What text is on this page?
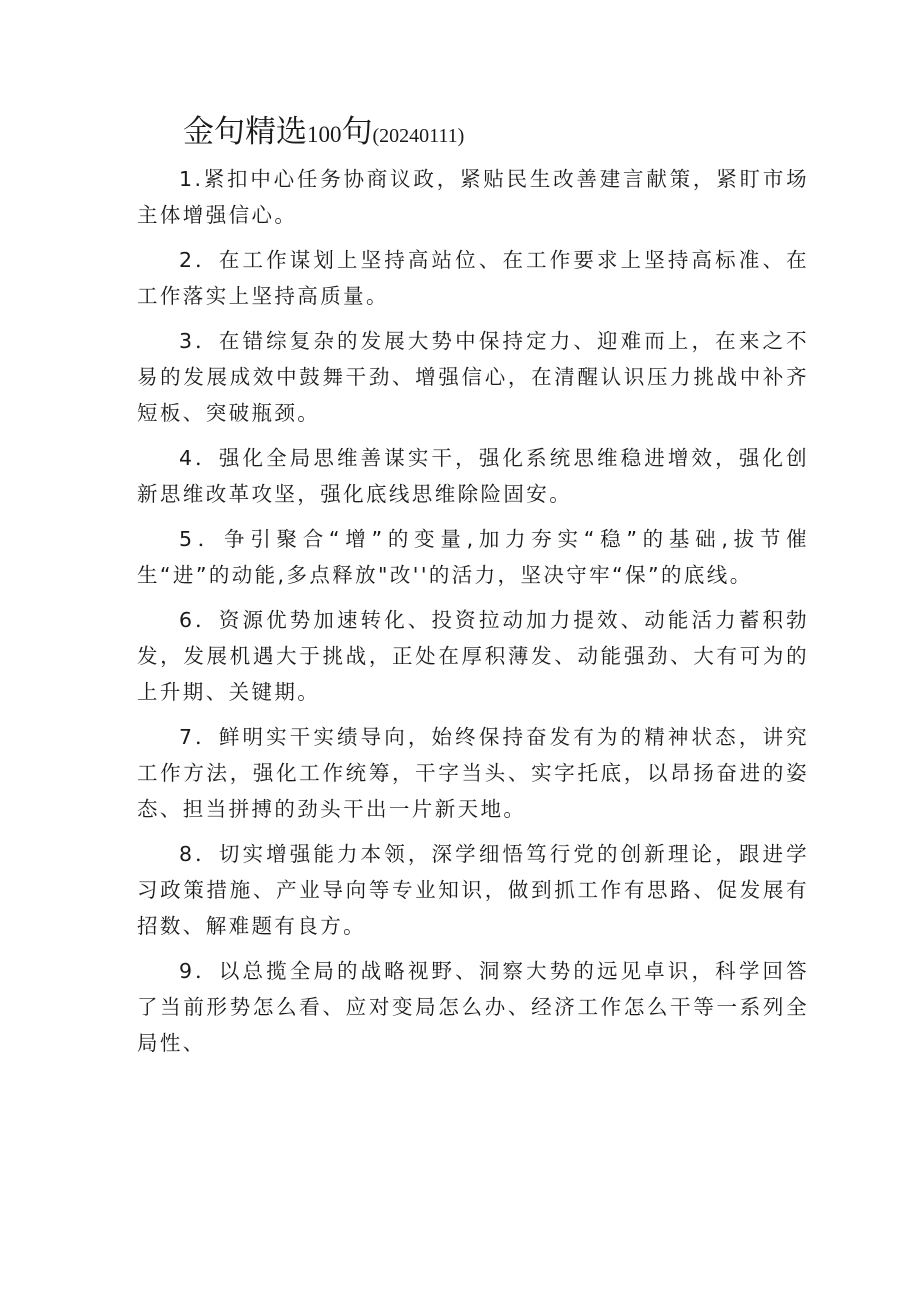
金句精选100句(20240111)

1.紧扣中心任务协商议政，紧贴民生改善建言献策，紧盯市场主体增强信心。

2．在工作谋划上坚持高站位、在工作要求上坚持高标准、在工作落实上坚持高质量。

3．在错综复杂的发展大势中保持定力、迎难而上，在来之不易的发展成效中鼓舞干劲、增强信心，在清醒认识压力挑战中补齐短板、突破瓶颈。

4．强化全局思维善谋实干，强化系统思维稳进增效，强化创新思维改革攻坚，强化底线思维除险固安。

5．争引聚合“增”的变量,加力夯实“稳”的基础,拔节催生“进”的动能,多点释放"改''的活力，坚决守牢“保”的底线。

6．资源优势加速转化、投资拉动加力提效、动能活力蓄积勃发，发展机遇大于挑战，正处在厚积薄发、动能强劲、大有可为的上升期、关键期。

7．鲜明实干实绩导向，始终保持奋发有为的精神状态，讲究工作方法，强化工作统筹，干字当头、实字托底，以昂扬奋进的姿态、担当拼搏的劲头干出一片新天地。

8．切实增强能力本领，深学细悟笃行党的创新理论，跟进学习政策措施、产业导向等专业知识，做到抓工作有思路、促发展有招数、解难题有良方。

9．以总揽全局的战略视野、洞察大势的远见卓识，科学回答了当前形势怎么看、应对变局怎么办、经济工作怎么干等一系列全局性、
